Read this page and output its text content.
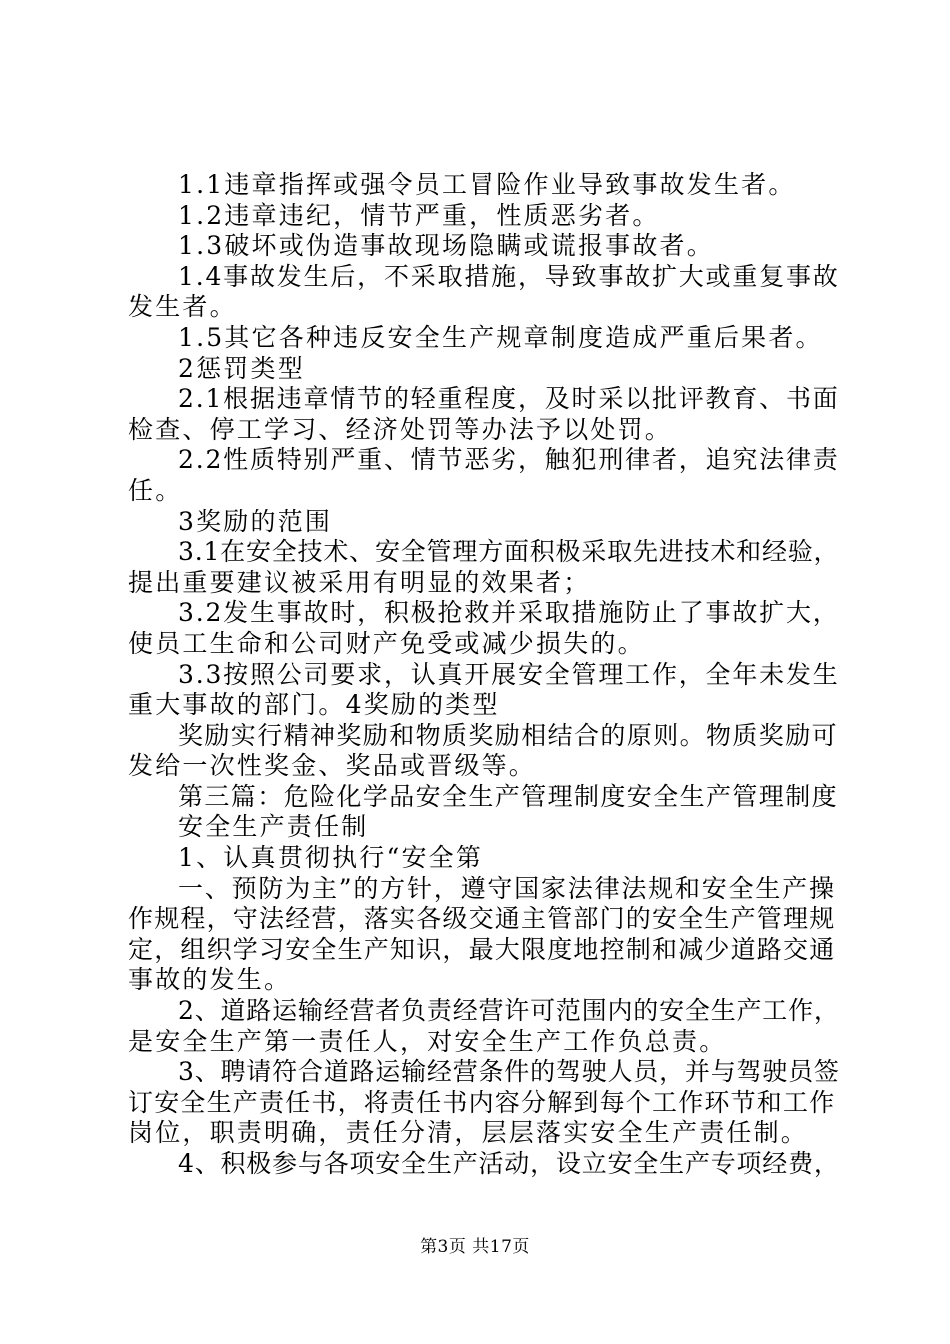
1.1违章指挥或强令员工冒险作业导致事故发生者。

1.2违章违纪，情节严重，性质恶劣者。

1.3破坏或伪造事故现场隐瞒或谎报事故者。

1.4事故发生后，不采取措施，导致事故扩大或重复事故

发生者。

1.5其它各种违反安全生产规章制度造成严重后果者。

2惩罚类型

2.1根据违章情节的轻重程度，及时采以批评教育、书面

检查、停工学习、经济处罚等办法予以处罚。

2.2性质特别严重、情节恶劣，触犯刑律者，追究法律责

任。

3奖励的范围

3.1在安全技术、安全管理方面积极采取先进技术和经验，

提出重要建议被采用有明显的效果者；

3.2发生事故时，积极抢救并采取措施防止了事故扩大，

使员工生命和公司财产免受或减少损失的。

3.3按照公司要求，认真开展安全管理工作，全年未发生

重大事故的部门。4奖励的类型

奖励实行精神奖励和物质奖励相结合的原则。物质奖励可

发给一次性奖金、奖品或晋级等。

第三篇：危险化学品安全生产管理制度安全生产管理制度

安全生产责任制

1、认真贯彻执行“安全第

一、预防为主”的方针，遵守国家法律法规和安全生产操

作规程，守法经营，落实各级交通主管部门的安全生产管理规

定，组织学习安全生产知识，最大限度地控制和减少道路交通

事故的发生。

2、道路运输经营者负责经营许可范围内的安全生产工作，

是安全生产第一责任人，对安全生产工作负总责。

3、聘请符合道路运输经营条件的驾驶人员，并与驾驶员签

订安全生产责任书，将责任书内容分解到每个工作环节和工作

岗位，职责明确，责任分清，层层落实安全生产责任制。

4、积极参与各项安全生产活动，设立安全生产专项经费，

第3页 共17页
